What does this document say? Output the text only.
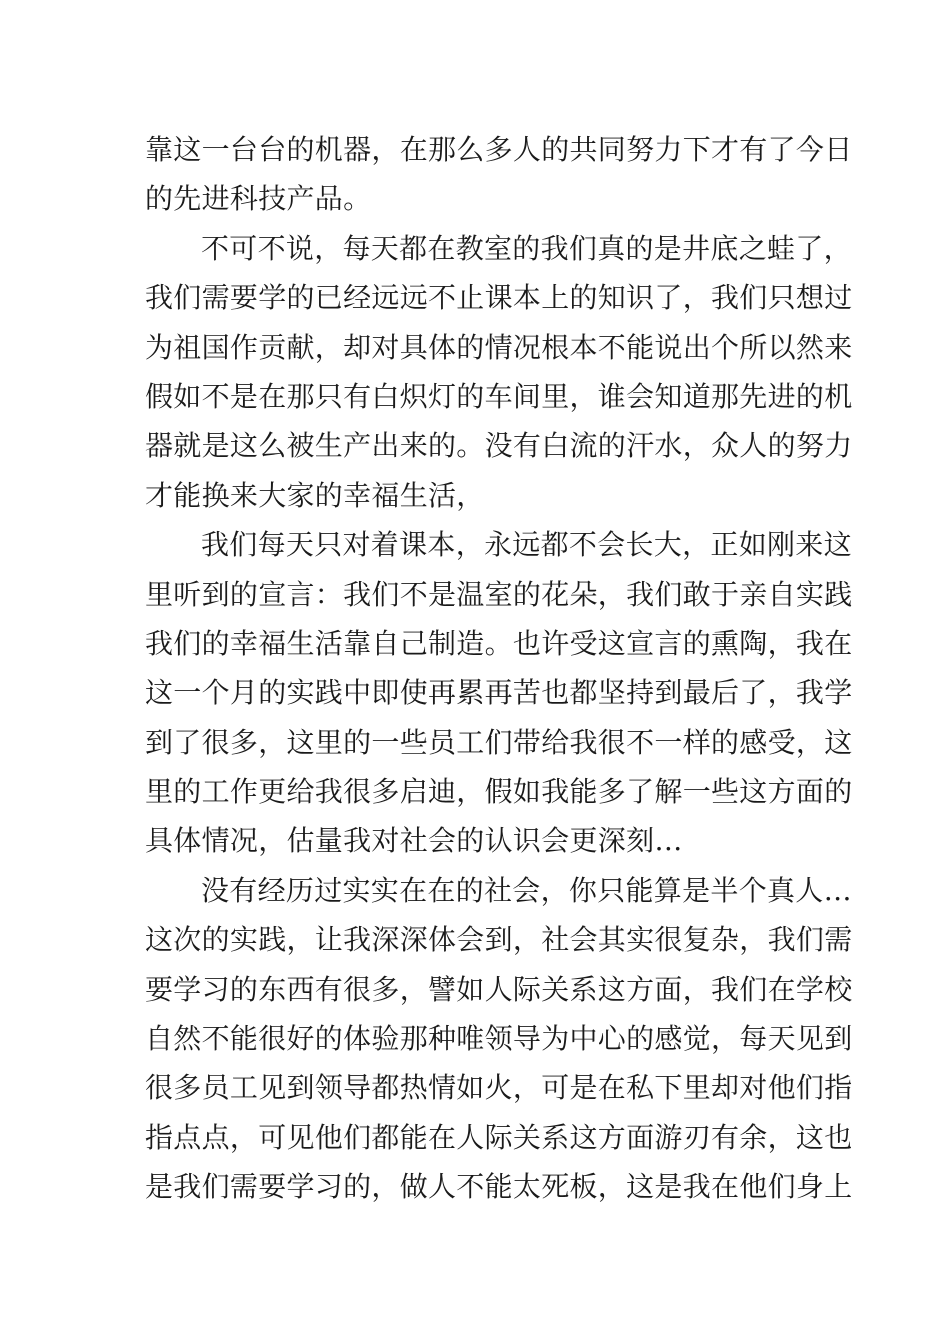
靠这一台台的机器，在那么多人的共同努力下才有了今日
的先进科技产品。
不可不说，每天都在教室的我们真的是井底之蛙了，
我们需要学的已经远远不止课本上的知识了，我们只想过
为祖国作贡献，却对具体的情况根本不能说出个所以然来
假如不是在那只有白炽灯的车间里，谁会知道那先进的机
器就是这么被生产出来的。没有白流的汗水，众人的努力
才能换来大家的幸福生活，
我们每天只对着课本，永远都不会长大，正如刚来这
里听到的宣言：我们不是温室的花朵，我们敢于亲自实践
我们的幸福生活靠自己制造。也许受这宣言的熏陶，我在
这一个月的实践中即使再累再苦也都坚持到最后了，我学
到了很多，这里的一些员工们带给我很不一样的感受，这
里的工作更给我很多启迪，假如我能多了解一些这方面的
具体情况，估量我对社会的认识会更深刻…
没有经历过实实在在的社会，你只能算是半个真人…
这次的实践，让我深深体会到，社会其实很复杂，我们需
要学习的东西有很多，譬如人际关系这方面，我们在学校
自然不能很好的体验那种唯领导为中心的感觉，每天见到
很多员工见到领导都热情如火，可是在私下里却对他们指
指点点，可见他们都能在人际关系这方面游刃有余，这也
是我们需要学习的，做人不能太死板，这是我在他们身上
